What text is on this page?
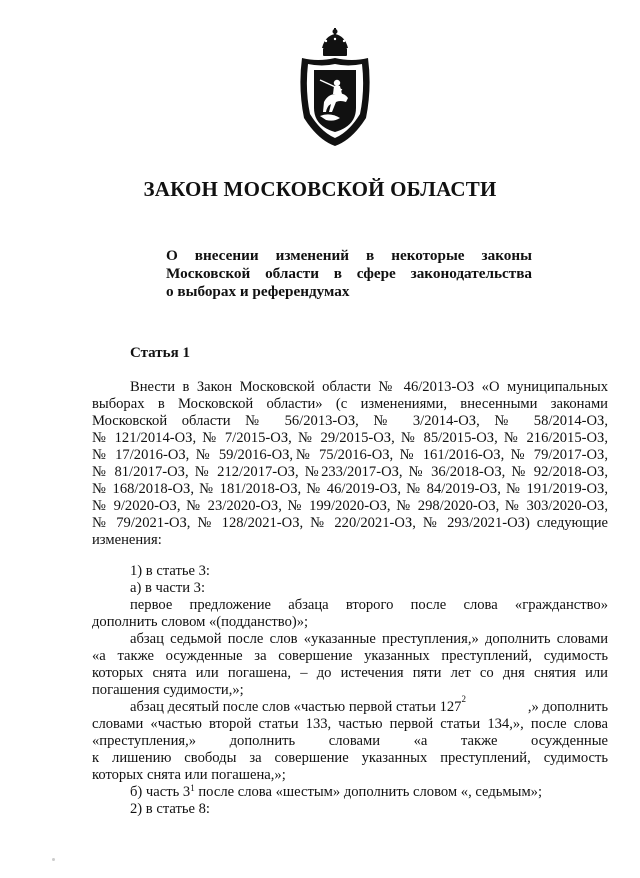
ЗАКОН МОСКОВСКОЙ ОБЛАСТИ
О внесении изменений в некоторые законы
Московской области в сфере законодательства
о выборах и референдумах
Статья 1
Внести в Закон Московской области № 46/2013-ОЗ «О муниципальных
выборах в Московской области» (с изменениями, внесенными законами
Московской области № 56/2013-ОЗ, № 3/2014-ОЗ, № 58/2014-ОЗ,
№ 121/2014-ОЗ, № 7/2015-ОЗ, № 29/2015-ОЗ, № 85/2015-ОЗ, № 216/2015-ОЗ,
№ 17/2016-ОЗ, № 59/2016-ОЗ,№ 75/2016-ОЗ, № 161/2016-ОЗ, № 79/2017-ОЗ,
№ 81/2017-ОЗ, № 212/2017-ОЗ, №233/2017-ОЗ, № 36/2018-ОЗ, № 92/2018-ОЗ,
№ 168/2018-ОЗ, № 181/2018-ОЗ, № 46/2019-ОЗ, № 84/2019-ОЗ, № 191/2019-ОЗ,
№ 9/2020-ОЗ, № 23/2020-ОЗ, № 199/2020-ОЗ, № 298/2020-ОЗ, № 303/2020-ОЗ,
№ 79/2021-ОЗ, № 128/2021-ОЗ, № 220/2021-ОЗ, № 293/2021-ОЗ) следующие
изменения:
1) в статье 3:
а) в части 3:
первое предложение абзаца второго после слова «гражданство»
дополнить словом «(подданство)»;
абзац седьмой после слов «указанные преступления,» дополнить словами
«а также осужденные за совершение указанных преступлений, судимость
которых снята или погашена, – до истечения пяти лет со дня снятия или
погашения судимости,»;
абзац десятый после слов «частью первой статьи 127 2	,» дополнить
словами «частью второй статьи 133, частью первой статьи 134,», после слова
«преступления,» дополнить словами «а также осужденные
к лишению свободы за совершение указанных преступлений, судимость
которых снята или погашена,»;
б) часть $3^1$ после слова «шестым» дополнить словом «, седьмым»;
2) в статье 8:
